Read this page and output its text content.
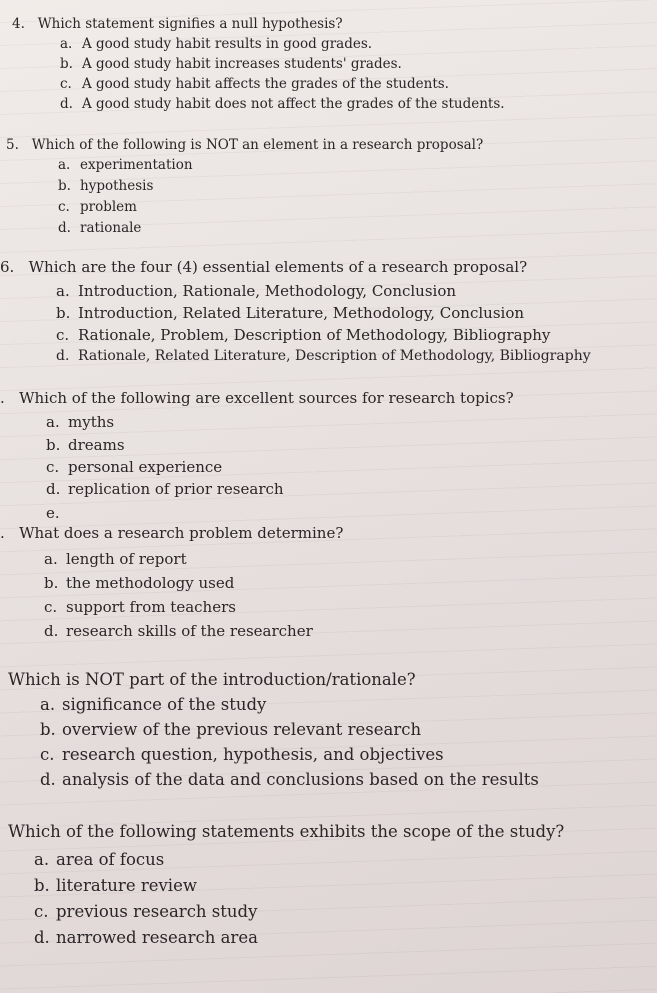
4. Which statement signifies a null hypothesis?
a. A good study habit results in good grades.
b. A good study habit increases students' grades.
c. A good study habit affects the grades of the students.
d. A good study habit does not affect the grades of the students.
5. Which of the following is NOT an element in a research proposal?
a. experimentation
b. hypothesis
c. problem
d. rationale
6. Which are the four (4) essential elements of a research proposal?
a. Introduction, Rationale, Methodology, Conclusion
b. Introduction, Related Literature, Methodology, Conclusion
c. Rationale, Problem, Description of Methodology, Bibliography
d. Rationale, Related Literature, Description of Methodology, Bibliography
. Which of the following are excellent sources for research topics?
a. myths
b. dreams
c. personal experience
d. replication of prior research
e.
. What does a research problem determine?
a. length of report
b. the methodology used
c. support from teachers
d. research skills of the researcher
Which is NOT part of the introduction/rationale?
a. significance of the study
b. overview of the previous relevant research
c. research question, hypothesis, and objectives
d. analysis of the data and conclusions based on the results
Which of the following statements exhibits the scope of the study?
a. area of focus
b. literature review
c. previous research study
d. narrowed research area
